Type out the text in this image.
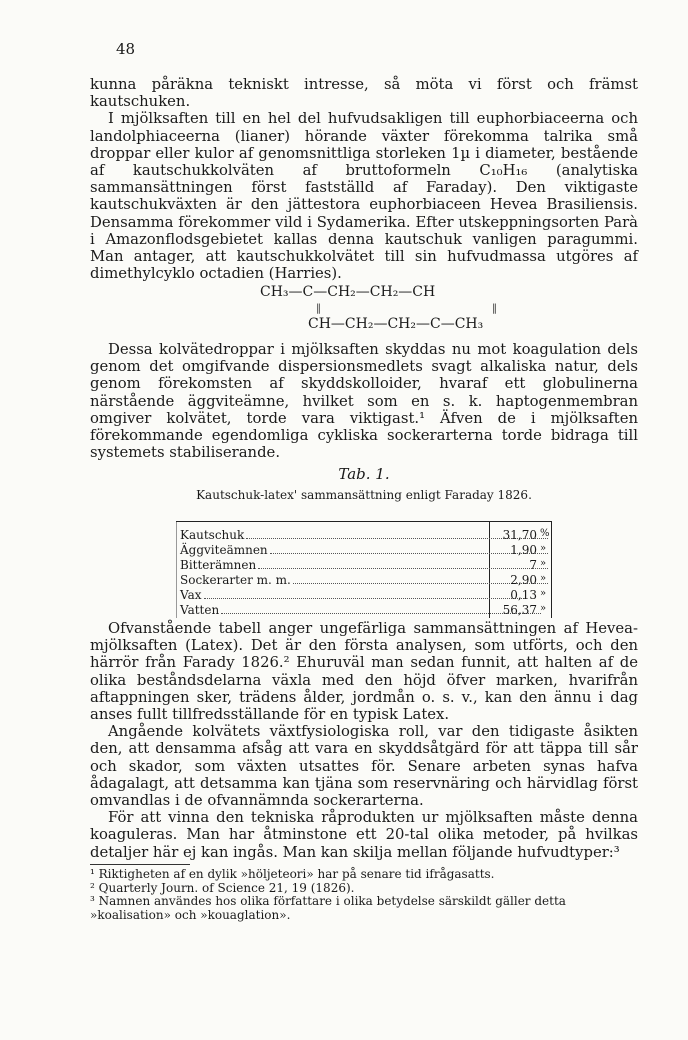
48

kunna påräkna tekniskt intresse, så möta vi först och främst kautschuken.

I mjölksaften till en hel del hufvudsakligen till euphorbiaceerna och landolphiaceerna (lianer) hörande växter förekomma talrika små droppar eller kulor af genomsnittliga storleken 1µ i diameter, bestående af kautschukkolväten af bruttoformeln C₁₀H₁₆ (analytiska sammansättningen först fastställd af Faraday). Den viktigaste kautschukväxten är den jättestora euphorbiaceen Hevea Brasiliensis. Densamma förekommer vild i Sydamerika. Efter utskeppningsorten Parà i Amazonflodsgebietet kallas denna kautschuk vanligen paragummi. Man antager, att kautschukkolvätet till sin hufvudmassa utgöres af dimethylcyklo octadien (Harries).

CH₃—C—CH₂—CH₂—CH
‖	‖
CH—CH₂—CH₂—C—CH₃

Dessa kolvätedroppar i mjölksaften skyddas nu mot koagulation dels genom det omgifvande dispersionsmedlets svagt alkaliska natur, dels genom förekomsten af skyddskolloider, hvaraf ett globulinerna närstående äggviteämne, hvilket som en s. k. haptogenmembran omgiver kolvätet, torde vara viktigast.¹ Äfven de i mjölksaften förekommande egendomliga cykliska sockerarterna torde bidraga till systemets stabiliserande.

Tab. 1.
Kautschuk-latex' sammansättning enligt Faraday 1826.
Kautschuk	31,70 %
Äggviteämnen	1,90 »
Bitterämnen	7 »
Sockerarter m. m.	2,90 »
Vax	0,13 »
Vatten	56,37 »

Ofvanstående tabell anger ungefärliga sammansättningen af Hevea-mjölksaften (Latex). Det är den första analysen, som utförts, och den härrör från Farady 1826.² Ehuruväl man sedan funnit, att halten af de olika beståndsdelarna växla med den höjd öfver marken, hvarifrån aftappningen sker, trädens ålder, jordmån o. s. v., kan den ännu i dag anses fullt tillfredsställande för en typisk Latex.

Angående kolvätets växtfysiologiska roll, var den tidigaste åsikten den, att densamma afsåg att vara en skyddsåtgärd för att täppa till sår och skador, som växten utsattes för. Senare arbeten synas hafva ådagalagt, att detsamma kan tjäna som reservnäring och härvidlag först omvandlas i de ofvannämnda sockerarterna.

För att vinna den tekniska råprodukten ur mjölksaften måste denna koaguleras. Man har åtminstone ett 20-tal olika metoder, på hvilkas detaljer här ej kan ingås. Man kan skilja mellan följande hufvudtyper:³

¹ Riktigheten af en dylik »höljeteori» har på senare tid ifrågasatts.

² Quarterly Journ. of Science 21, 19 (1826).

³ Namnen användes hos olika författare i olika betydelse särskildt gäller detta »koalisation» och »kouaglation».
